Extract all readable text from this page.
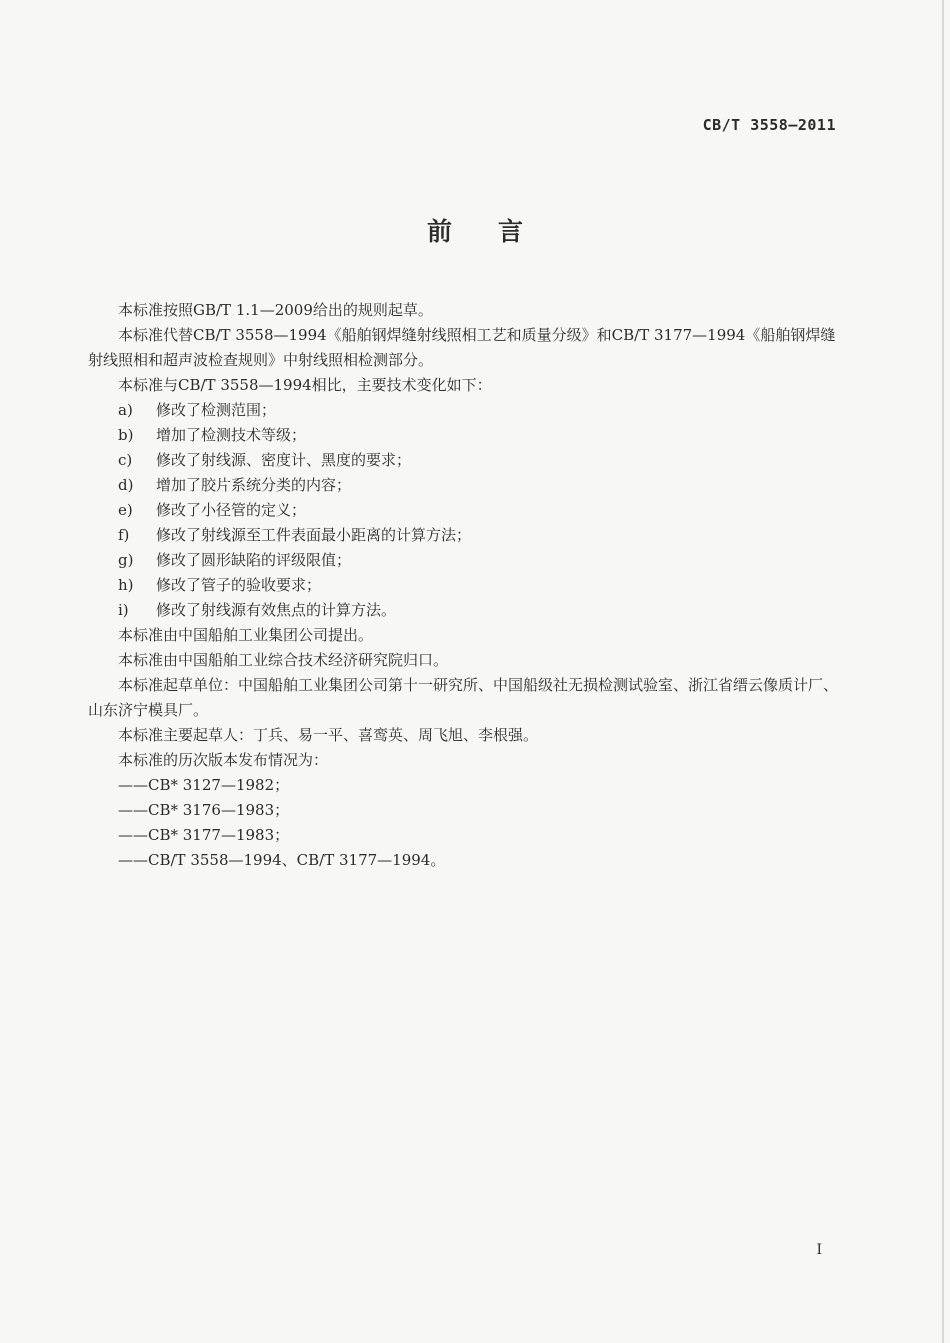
CB/T 3558—2011
前言

本标准按照GB/T 1.1—2009给出的规则起草。

本标准代替CB/T 3558—1994《船舶钢焊缝射线照相工艺和质量分级》和CB/T 3177—1994《船舶钢焊缝射线照相和超声波检查规则》中射线照相检测部分。

本标准与CB/T 3558—1994相比，主要技术变化如下：

a)	修改了检测范围；
b)	增加了检测技术等级；
c)	修改了射线源、密度计、黑度的要求；
d)	增加了胶片系统分类的内容；
e)	修改了小径管的定义；
f)	修改了射线源至工件表面最小距离的计算方法；
g)	修改了圆形缺陷的评级限值；
h)	修改了管子的验收要求；
i)	修改了射线源有效焦点的计算方法。

本标准由中国船舶工业集团公司提出。

本标准由中国船舶工业综合技术经济研究院归口。

本标准起草单位：中国船舶工业集团公司第十一研究所、中国船级社无损检测试验室、浙江省缙云像质计厂、山东济宁模具厂。

本标准主要起草人：丁兵、易一平、喜鸾英、周飞旭、李根强。

本标准的历次版本发布情况为：

——CB* 3127—1982；

——CB* 3176—1983；

——CB* 3177—1983；

——CB/T 3558—1994、CB/T 3177—1994。

I
